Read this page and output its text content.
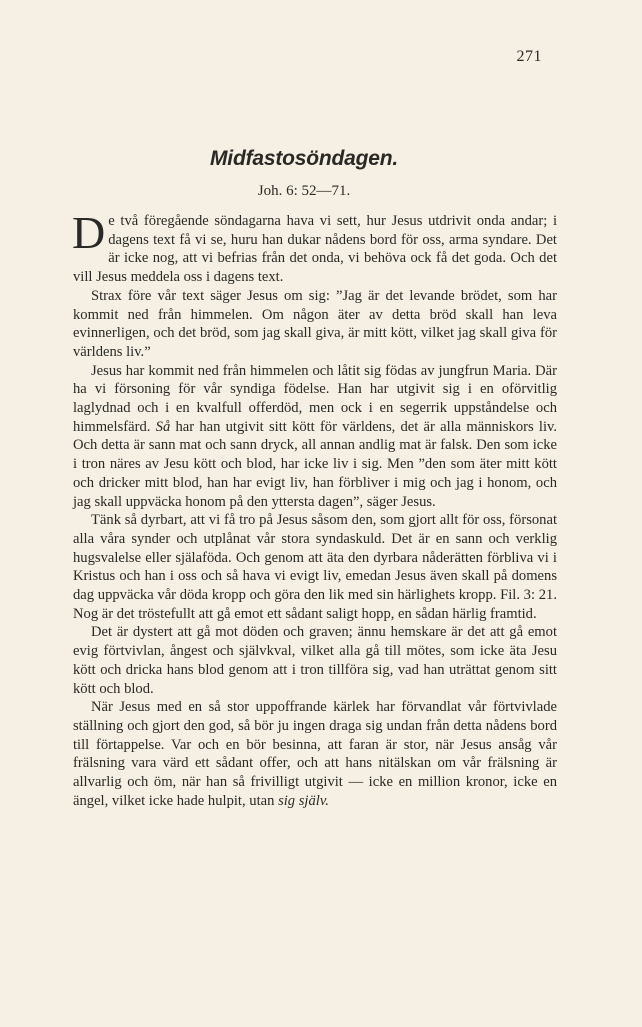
271
Midfastosöndagen.
Joh. 6: 52—71.

De två föregående söndagarna hava vi sett, hur Jesus utdrivit onda andar; i dagens text få vi se, huru han dukar nådens bord för oss, arma syndare. Det är icke nog, att vi befrias från det onda, vi behöva ock få det goda. Och det vill Jesus meddela oss i dagens text.

Strax före vår text säger Jesus om sig: ”Jag är det levande brödet, som har kommit ned från himmelen. Om någon äter av detta bröd skall han leva evinnerligen, och det bröd, som jag skall giva, är mitt kött, vilket jag skall giva för världens liv.”

Jesus har kommit ned från himmelen och låtit sig födas av jungfrun Maria. Där ha vi försoning för vår syndiga födelse. Han har utgivit sig i en oförvitlig laglydnad och i en kvalfull offerdöd, men ock i en segerrik uppståndelse och himmelsfärd. Så har han utgivit sitt kött för världens, det är alla människors liv. Och detta är sann mat och sann dryck, all annan andlig mat är falsk. Den som icke i tron näres av Jesu kött och blod, har icke liv i sig. Men ”den som äter mitt kött och dricker mitt blod, han har evigt liv, han förbliver i mig och jag i honom, och jag skall uppväcka honom på den yttersta dagen”, säger Jesus.

Tänk så dyrbart, att vi få tro på Jesus såsom den, som gjort allt för oss, försonat alla våra synder och utplånat vår stora syndaskuld. Det är en sann och verklig hugsvalelse eller själaföda. Och genom att äta den dyrbara nåderätten förbliva vi i Kristus och han i oss och så hava vi evigt liv, emedan Jesus även skall på domens dag uppväcka vår döda kropp och göra den lik med sin härlighets kropp. Fil. 3: 21. Nog är det tröstefullt att gå emot ett sådant saligt hopp, en sådan härlig framtid.

Det är dystert att gå mot döden och graven; ännu hemskare är det att gå emot evig förtvivlan, ångest och självkval, vilket alla gå till mötes, som icke äta Jesu kött och dricka hans blod genom att i tron tillföra sig, vad han uträttat genom sitt kött och blod.

När Jesus med en så stor uppoffrande kärlek har förvandlat vår förtvivlade ställning och gjort den god, så bör ju ingen draga sig undan från detta nådens bord till förtappelse. Var och en bör besinna, att faran är stor, när Jesus ansåg vår frälsning vara värd ett sådant offer, och att hans nitälskan om vår frälsning är allvarlig och öm, när han så frivilligt utgivit — icke en million kronor, icke en ängel, vilket icke hade hulpit, utan sig själv.
